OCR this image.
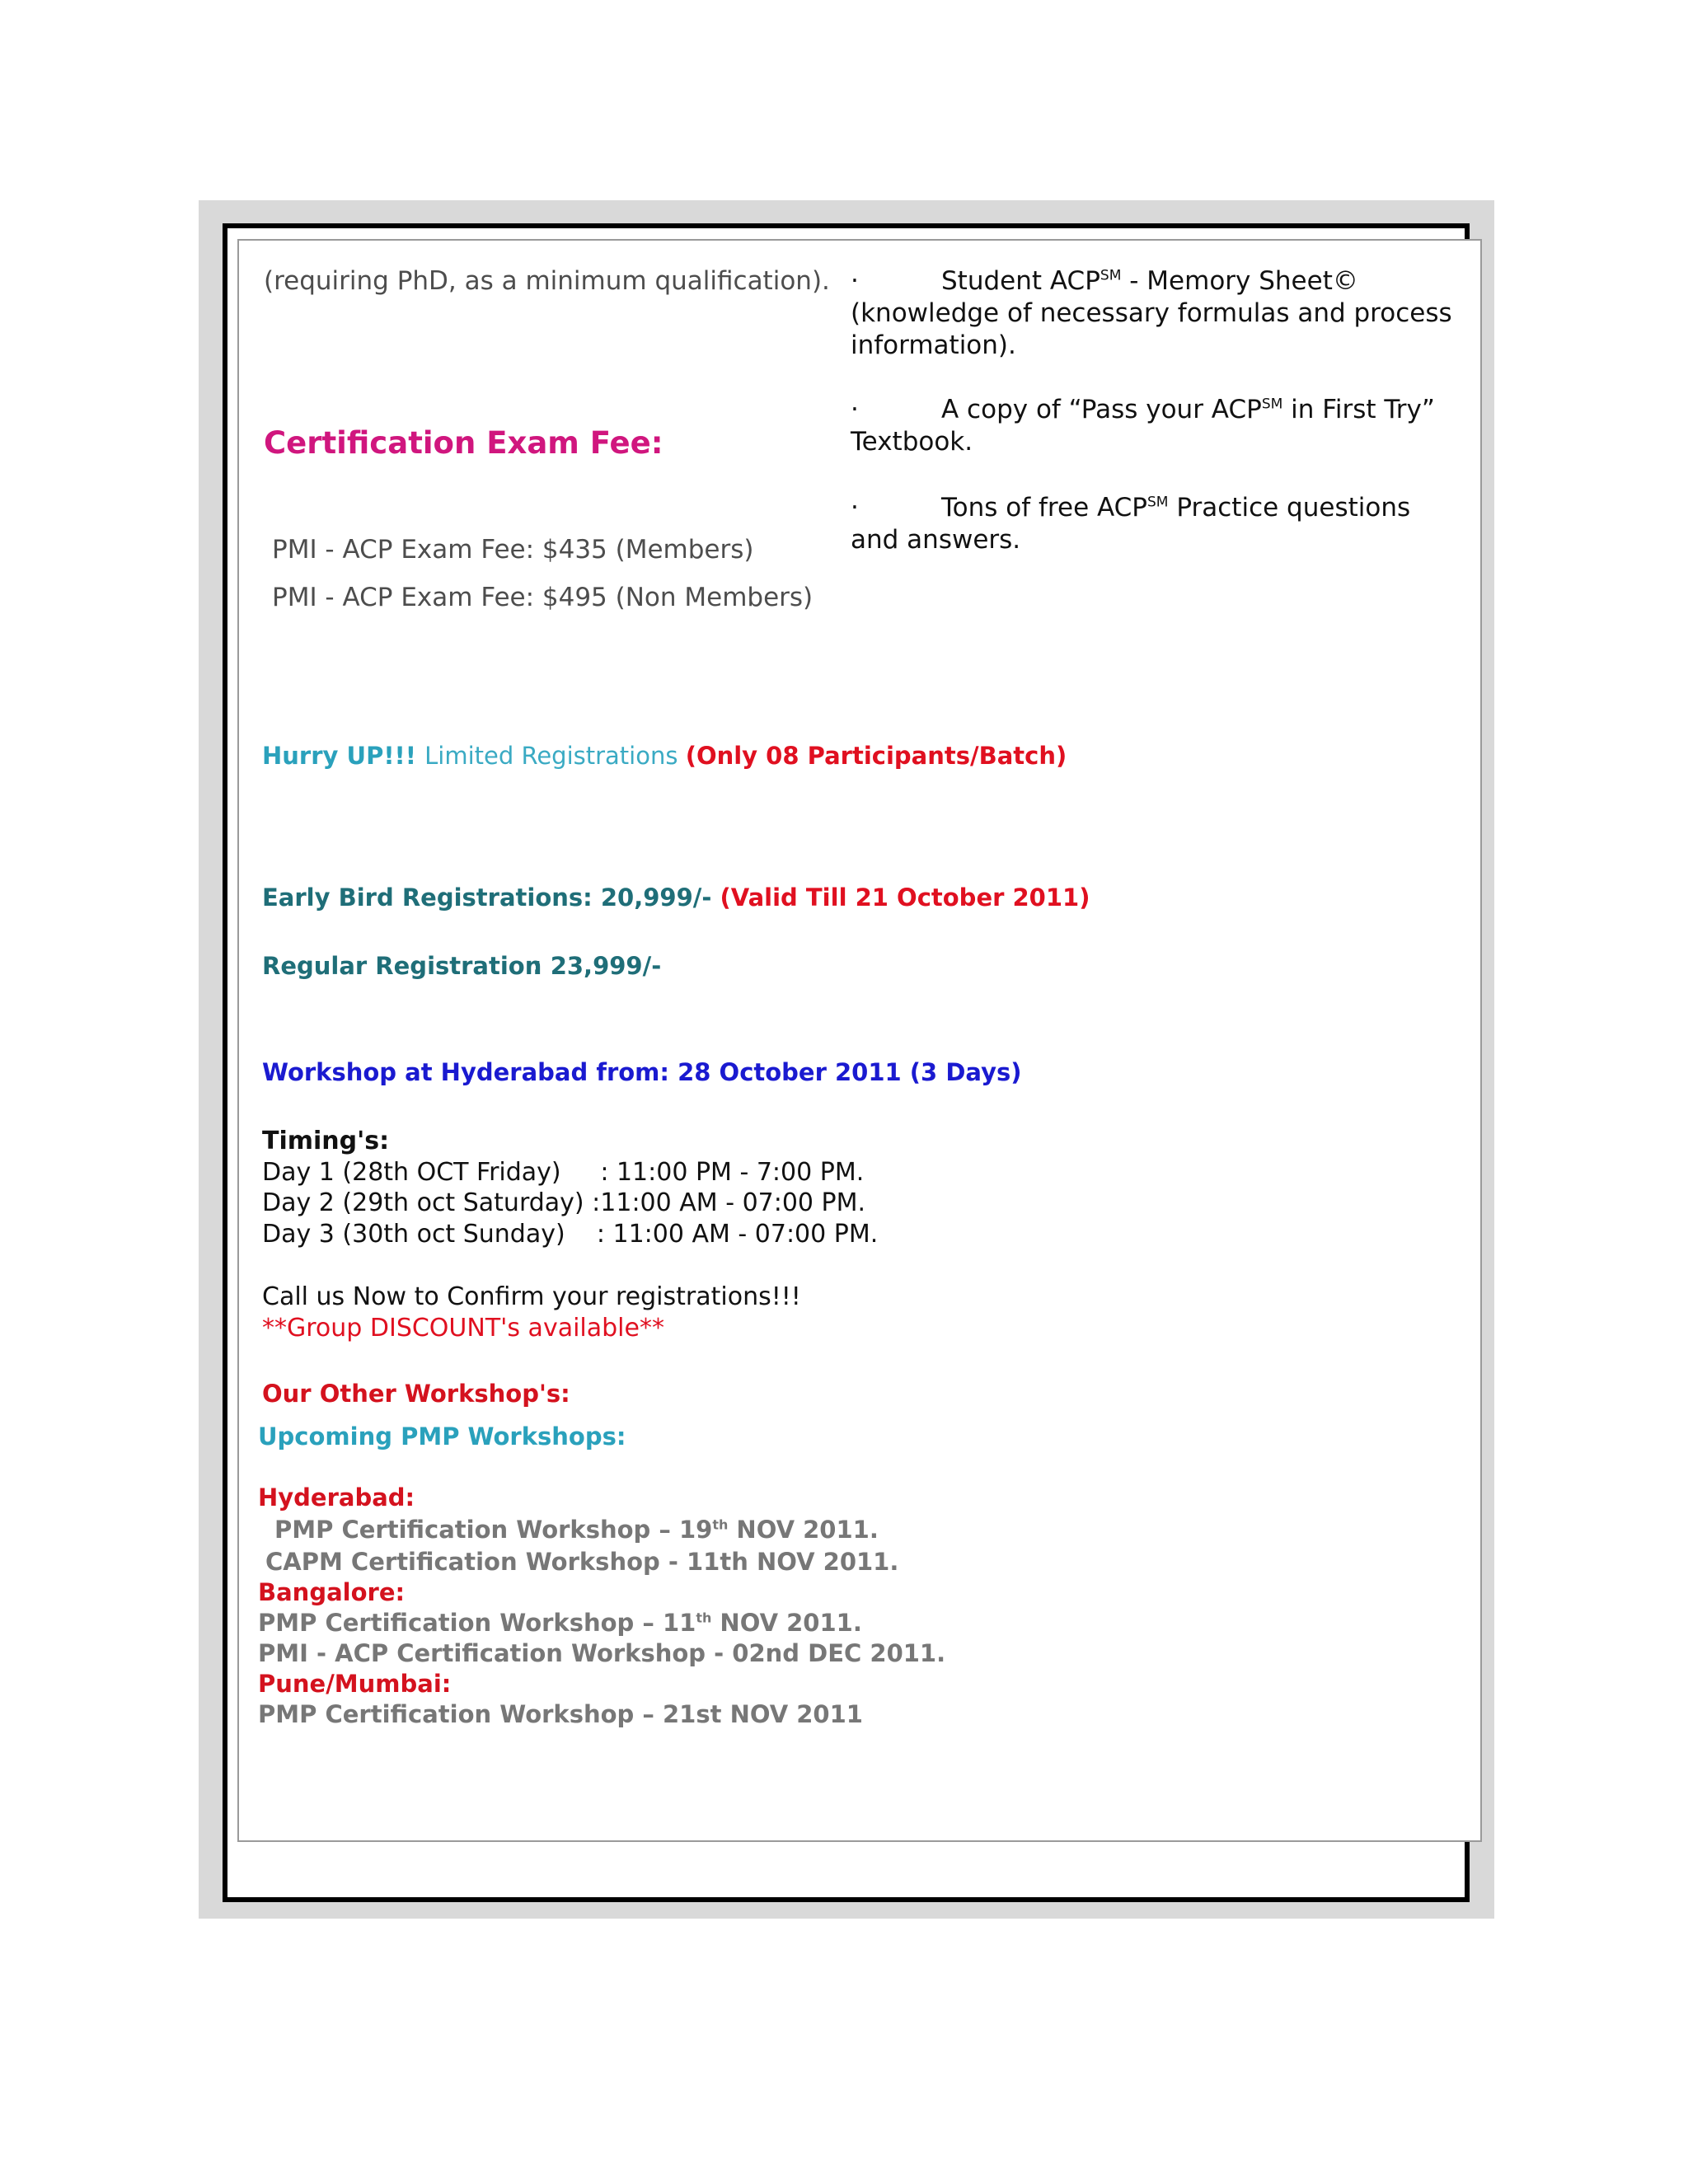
(requiring PhD, as a minimum qualification).
Certification Exam Fee:
PMI - ACP Exam Fee: $435 (Members)
PMI - ACP Exam Fee: $495 (Non Members)
·	Student ACP℠ - Memory Sheet©
(knowledge of necessary formulas and process
information).
·	A copy of “Pass your ACP℠ in First Try”
Textbook.
·	Tons of free ACP℠ Practice questions
and answers.
Hurry UP!!! Limited Registrations (Only 08 Participants/Batch)
Early Bird Registrations: 20,999/- (Valid Till 21 October 2011)
Regular Registration
: 23,999/-
Workshop at Hyderabad from: 28 October 2011 (3 Days)
Timing's:
Day 1 (28th OCT Friday)     : 11:00 PM - 7:00 PM.
Day 2 (29th oct Saturday) :11:00 AM - 07:00 PM.
Day 3 (30th oct Sunday)    : 11:00 AM - 07:00 PM.
Call us Now to Confirm your registrations!!!
**Group DISCOUNT's available**
Our Other Workshop's:
Upcoming PMP Workshops:
Hyderabad:
PMP Certification Workshop – 19th NOV 2011.
CAPM Certification Workshop - 11th NOV 2011.
Bangalore:
PMP Certification Workshop – 11th NOV 2011.
PMI - ACP Certification Workshop - 02nd DEC 2011.
Pune/Mumbai:
PMP Certification Workshop – 21st NOV 2011
